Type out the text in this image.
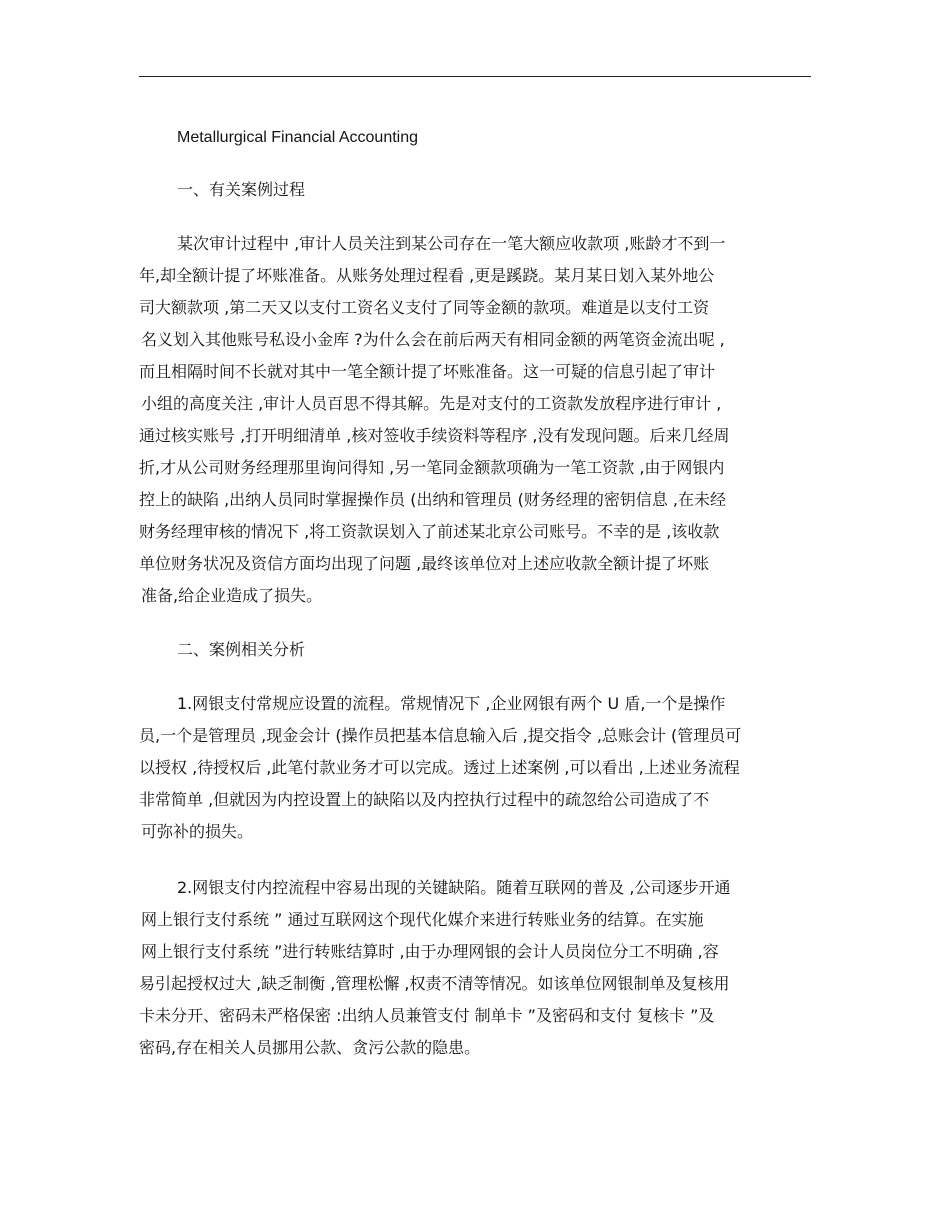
Metallurgical Financial Accounting
一、有关案例过程
某次审计过程中 ,审计人员关注到某公司存在一笔大额应收款项 ,账龄才不到一
年,却全额计提了坏账准备。从账务处理过程看 ,更是蹊跷。某月某日划入某外地公
司大额款项 ,第二天又以支付工资名义支付了同等金额的款项。难道是以支付工资
名义划入其他账号私设小金库 ?为什么会在前后两天有相同金额的两笔资金流出呢 ,
而且相隔时间不长就对其中一笔全额计提了坏账准备。这一可疑的信息引起了审计
小组的高度关注 ,审计人员百思不得其解。先是对支付的工资款发放程序进行审计 ,
通过核实账号 ,打开明细清单 ,核对签收手续资料等程序 ,没有发现问题。后来几经周
折,才从公司财务经理那里询问得知 ,另一笔同金额款项确为一笔工资款 ,由于网银内
控上的缺陷 ,出纳人员同时掌握操作员 (出纳和管理员 (财务经理的密钥信息 ,在未经
财务经理审核的情况下 ,将工资款误划入了前述某北京公司账号。不幸的是 ,该收款
单位财务状况及资信方面均出现了问题 ,最终该单位对上述应收款全额计提了坏账
准备,给企业造成了损失。
二、案例相关分析
1.网银支付常规应设置的流程。常规情况下 ,企业网银有两个 U 盾,一个是操作
员,一个是管理员 ,现金会计 (操作员把基本信息输入后 ,提交指令 ,总账会计 (管理员可
以授权 ,待授权后 ,此笔付款业务才可以完成。透过上述案例 ,可以看出 ,上述业务流程
非常简单 ,但就因为内控设置上的缺陷以及内控执行过程中的疏忽给公司造成了不
可弥补的损失。
2.网银支付内控流程中容易出现的关键缺陷。随着互联网的普及 ,公司逐步开通
网上银行支付系统 ” 通过互联网这个现代化媒介来进行转账业务的结算。在实施
网上银行支付系统 ”进行转账结算时 ,由于办理网银的会计人员岗位分工不明确 ,容
易引起授权过大 ,缺乏制衡 ,管理松懈 ,权责不清等情况。如该单位网银制单及复核用
卡未分开、密码未严格保密 :出纳人员兼管支付 制单卡 ”及密码和支付 复核卡 ”及
密码,存在相关人员挪用公款、贪污公款的隐患。
